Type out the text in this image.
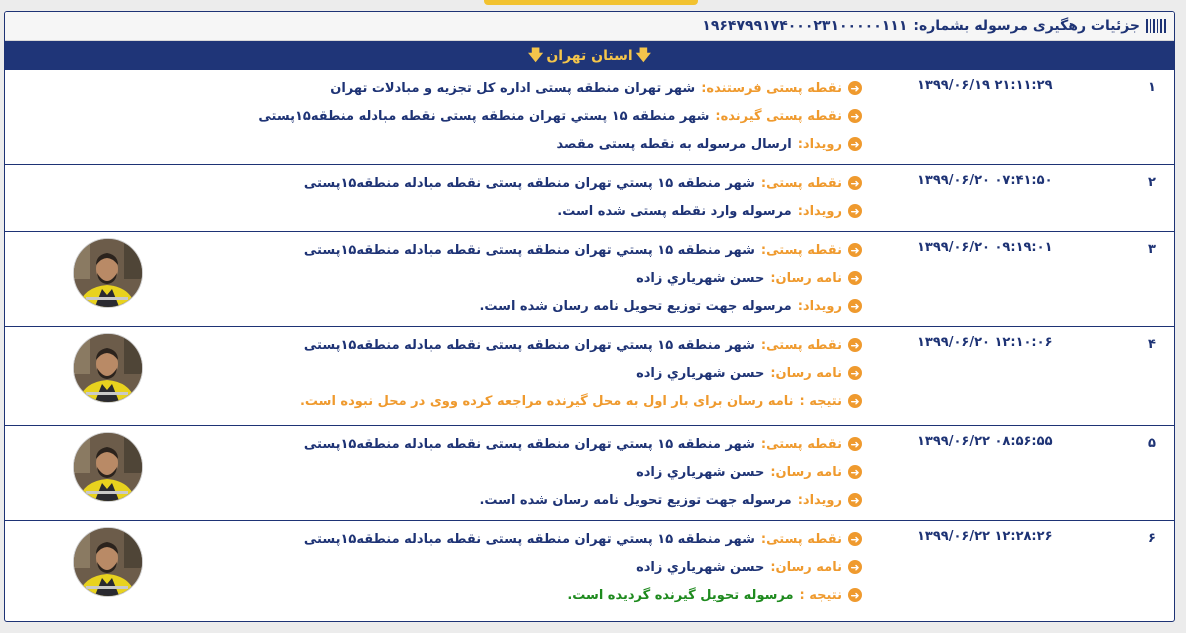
جزئیات رهگیری مرسوله بشماره:
۱۹۶۴۷۹۹۱۷۴۰۰۰۲۳۱۰۰۰۰۰۱۱۱
🡇
استان تهران
🡇
۱
۱۳۹۹/۰۶/۱۹ ۲۱:۱۱:۲۹
➜
نقطه پستی فرستنده:
شهر تهران منطقه پستی اداره کل تجزیه و مبادلات تهران
➜
نقطه پستی گیرنده:
شهر منطقه ۱۵ پستي تهران منطقه پستی نقطه مبادله منطقه۱۵پستی
➜
رویداد:
ارسال مرسوله به نقطه پستی مقصد
۲
۱۳۹۹/۰۶/۲۰ ۰۷:۴۱:۵۰
➜
نقطه پستی:
شهر منطقه ۱۵ پستي تهران منطقه پستی نقطه مبادله منطقه۱۵پستی
➜
رویداد:
مرسوله وارد نقطه پستی شده است.
۳
۱۳۹۹/۰۶/۲۰ ۰۹:۱۹:۰۱
➜
نقطه پستی:
شهر منطقه ۱۵ پستي تهران منطقه پستی نقطه مبادله منطقه۱۵پستی
➜
نامه رسان:
حسن شهرياري زاده
➜
رویداد:
مرسوله جهت توزیع تحویل نامه رسان شده است.
۴
۱۳۹۹/۰۶/۲۰ ۱۲:۱۰:۰۶
➜
نقطه پستی:
شهر منطقه ۱۵ پستي تهران منطقه پستی نقطه مبادله منطقه۱۵پستی
➜
نامه رسان:
حسن شهرياري زاده
➜
نتیجه :
نامه رسان برای بار اول به محل گیرنده مراجعه کرده ووی در محل نبوده است.
۵
۱۳۹۹/۰۶/۲۲ ۰۸:۵۶:۵۵
➜
نقطه پستی:
شهر منطقه ۱۵ پستي تهران منطقه پستی نقطه مبادله منطقه۱۵پستی
➜
نامه رسان:
حسن شهرياري زاده
➜
رویداد:
مرسوله جهت توزیع تحویل نامه رسان شده است.
۶
۱۳۹۹/۰۶/۲۲ ۱۲:۲۸:۲۶
➜
نقطه پستی:
شهر منطقه ۱۵ پستي تهران منطقه پستی نقطه مبادله منطقه۱۵پستی
➜
نامه رسان:
حسن شهرياري زاده
➜
نتیجه :
مرسوله تحویل گیرنده گردیده است.
